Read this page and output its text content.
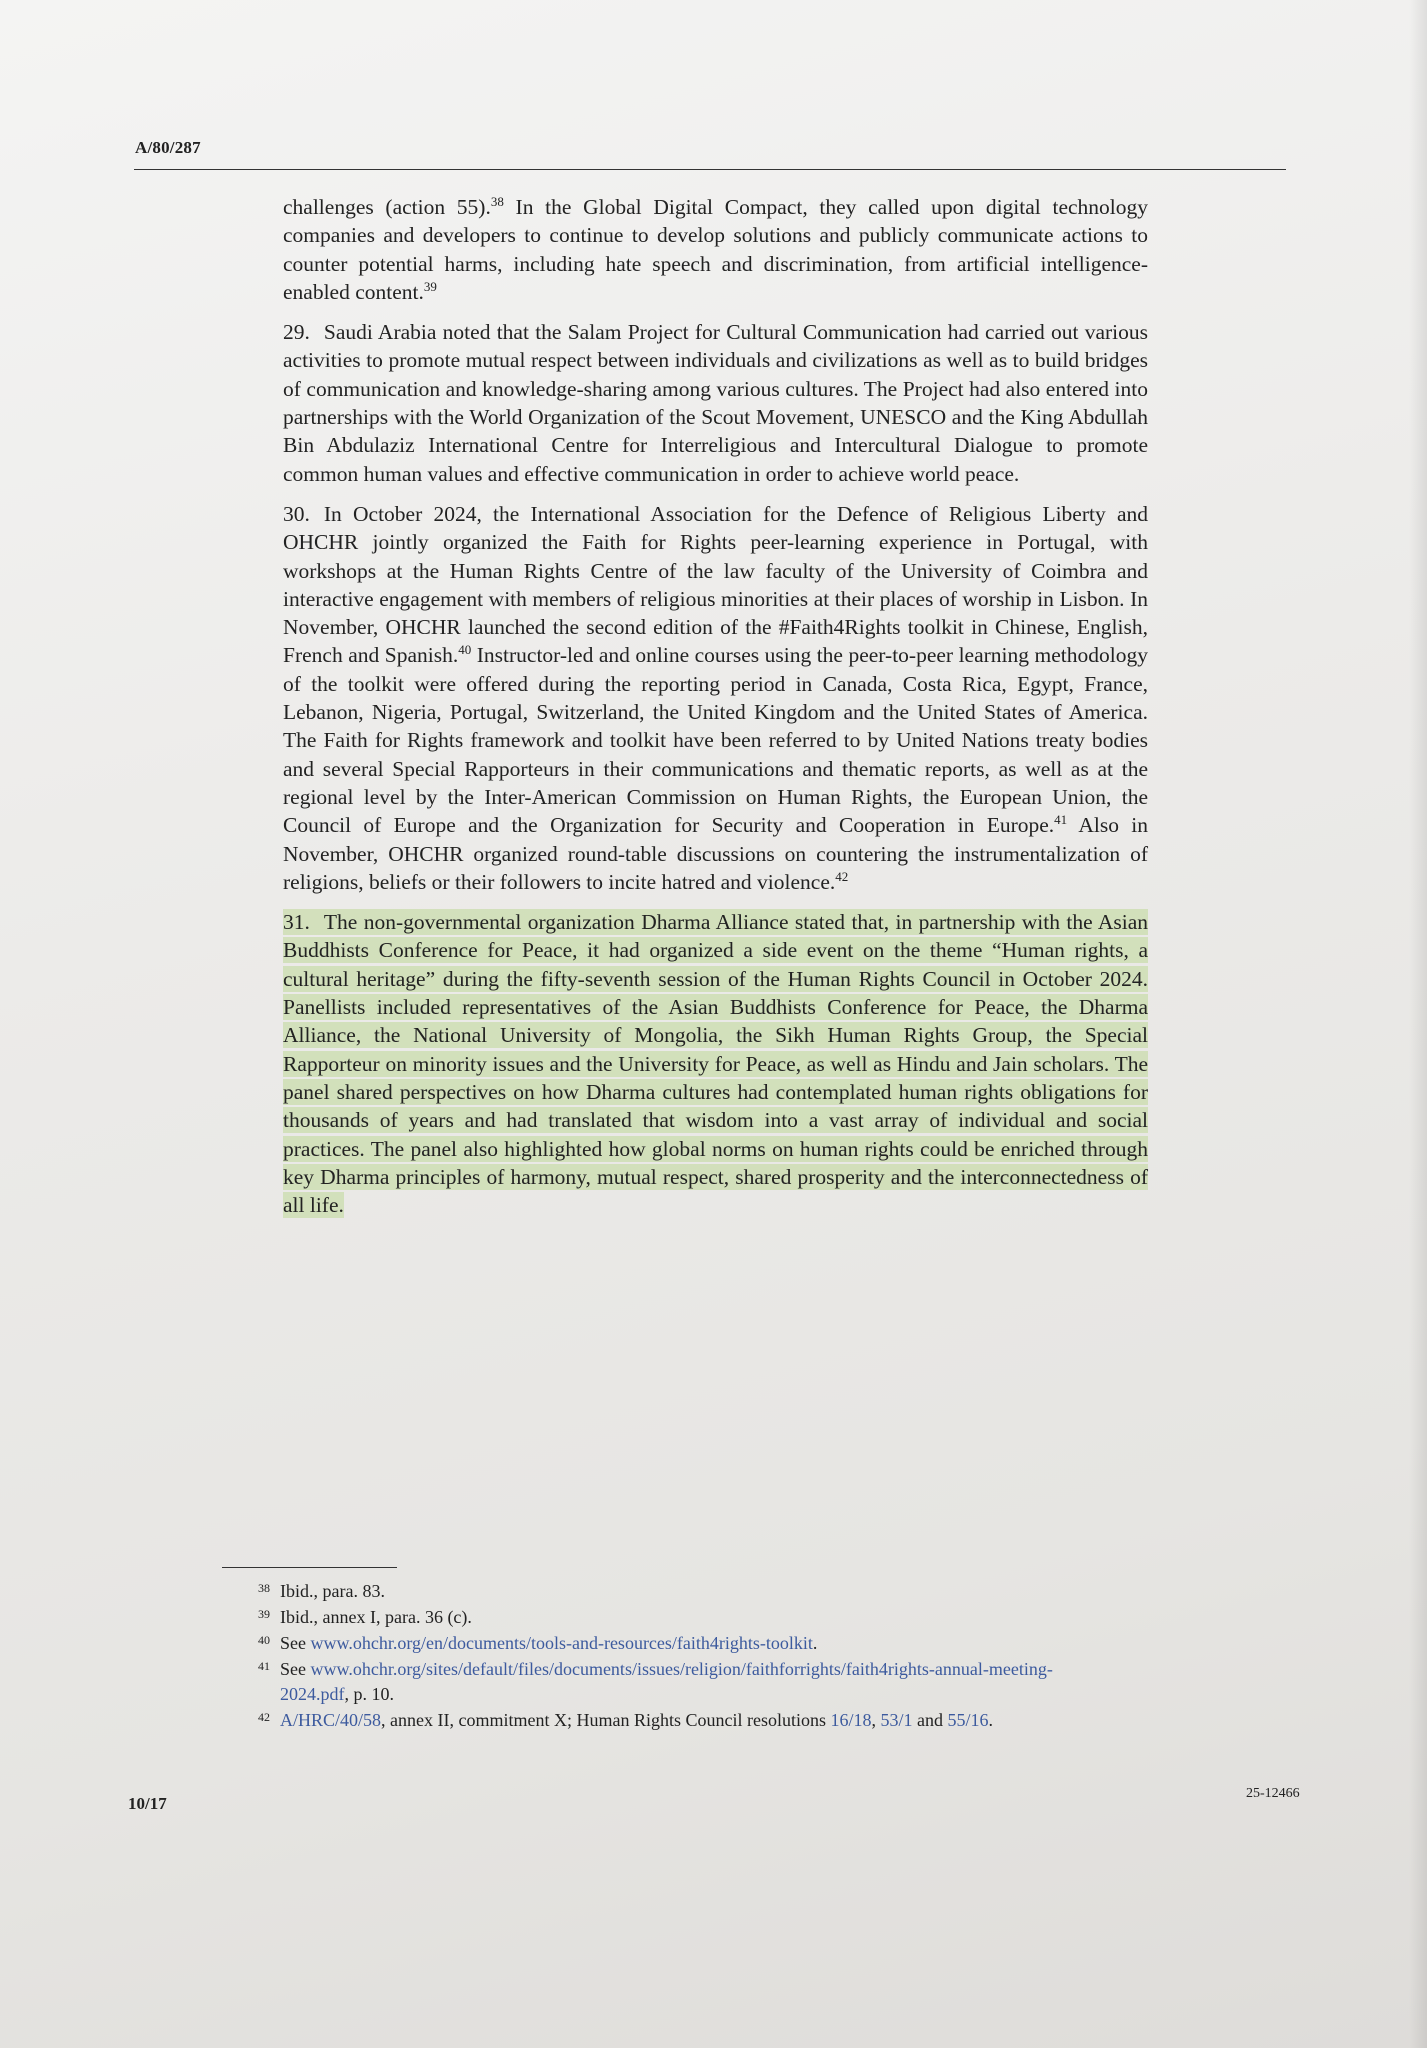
A/80/287

challenges (action 55).$^{38}$ In the Global Digital Compact, they called upon digital technology companies and developers to continue to develop solutions and publicly communicate actions to counter potential harms, including hate speech and discrimination, from artificial intelligence-enabled content.$^{39}$

29. Saudi Arabia noted that the Salam Project for Cultural Communication had carried out various activities to promote mutual respect between individuals and civilizations as well as to build bridges of communication and knowledge-sharing among various cultures. The Project had also entered into partnerships with the World Organization of the Scout Movement, UNESCO and the King Abdullah Bin Abdulaziz International Centre for Interreligious and Intercultural Dialogue to promote common human values and effective communication in order to achieve world peace.

30. In October 2024, the International Association for the Defence of Religious Liberty and OHCHR jointly organized the Faith for Rights peer-learning experience in Portugal, with workshops at the Human Rights Centre of the law faculty of the University of Coimbra and interactive engagement with members of religious minorities at their places of worship in Lisbon. In November, OHCHR launched the second edition of the #Faith4Rights toolkit in Chinese, English, French and Spanish.$^{40}$ Instructor-led and online courses using the peer-to-peer learning methodology of the toolkit were offered during the reporting period in Canada, Costa Rica, Egypt, France, Lebanon, Nigeria, Portugal, Switzerland, the United Kingdom and the United States of America. The Faith for Rights framework and toolkit have been referred to by United Nations treaty bodies and several Special Rapporteurs in their communications and thematic reports, as well as at the regional level by the Inter-American Commission on Human Rights, the European Union, the Council of Europe and the Organization for Security and Cooperation in Europe.$^{41}$ Also in November, OHCHR organized round-table discussions on countering the instrumentalization of religions, beliefs or their followers to incite hatred and violence.$^{42}$

31. The non-governmental organization Dharma Alliance stated that, in partnership with the Asian Buddhists Conference for Peace, it had organized a side event on the theme “Human rights, a cultural heritage” during the fifty-seventh session of the Human Rights Council in October 2024. Panellists included representatives of the Asian Buddhists Conference for Peace, the Dharma Alliance, the National University of Mongolia, the Sikh Human Rights Group, the Special Rapporteur on minority issues and the University for Peace, as well as Hindu and Jain scholars. The panel shared perspectives on how Dharma cultures had contemplated human rights obligations for thousands of years and had translated that wisdom into a vast array of individual and social practices. The panel also highlighted how global norms on human rights could be enriched through key Dharma principles of harmony, mutual respect, shared prosperity and the interconnectedness of all life.

38 Ibid., para. 83.
39 Ibid., annex I, para. 36 (c).
40 See www.ohchr.org/en/documents/tools-and-resources/faith4rights-toolkit.
41 See www.ohchr.org/sites/default/files/documents/issues/religion/faithforrights/faith4rights-annual-meeting-2024.pdf, p. 10.
42 A/HRC/40/58, annex II, commitment X; Human Rights Council resolutions 16/18, 53/1 and 55/16.
10/17
25-12466
